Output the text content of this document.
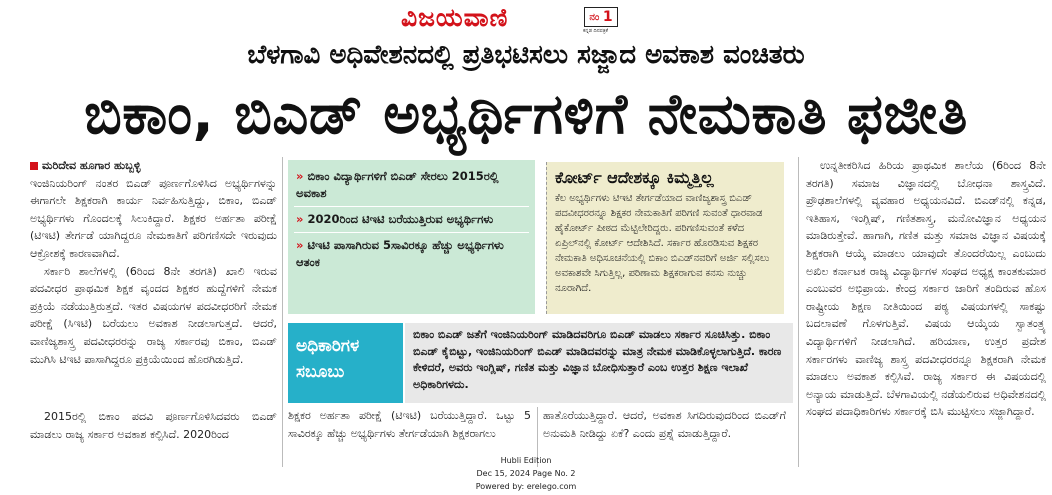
ವಿಜಯವಾಣಿ	ನಂ
1
ಕನ್ನಡ ದಿನಪತ್ರಿಕೆ
ಬೆಳಗಾವಿ ಅಧಿವೇಶನದಲ್ಲಿ ಪ್ರತಿಭಟಿಸಲು ಸಜ್ಜಾದ ಅವಕಾಶ ವಂಚಿತರು
ಬಿಕಾಂ, ಬಿಎಡ್ ಅಭ್ಯರ್ಥಿಗಳಿಗೆ ನೇಮಕಾತಿ ಫಜೀತಿ

ಮರಿದೇವ ಹೂಗಾರ ಹುಬ್ಬಳ್ಳಿ

ಇಂಜಿನಿಯರಿಂಗ್ ನಂತರ ಬಿಎಡ್ ಪೂರ್ಣಗೊಳಿಸಿದ ಅಭ್ಯರ್ಥಿಗಳನ್ನು ಈಗಾಗಲೇ ಶಿಕ್ಷಕರಾಗಿ ಕಾರ್ಯ ನಿರ್ವಹಿಸುತ್ತಿದ್ದು, ಬಿಕಾಂ, ಬಿಎಡ್ ಅಭ್ಯರ್ಥಿಗಳು ಗೊಂದಲಕ್ಕೆ ಸಿಲುಕಿದ್ದಾರೆ. ಶಿಕ್ಷಕರ ಅರ್ಹತಾ ಪರೀಕ್ಷೆ (ಟಿಇಟಿ) ತೇರ್ಗಡೆ ಯಾಗಿದ್ದರೂ ನೇಮಕಾತಿಗೆ ಪರಿಗಣಿಸದೇ ಇರುವುದು ಆಕ್ರೋಶಕ್ಕೆ ಕಾರಣವಾಗಿದೆ.

ಸರ್ಕಾರಿ ಶಾಲೆಗಳಲ್ಲಿ (6ರಿಂದ 8ನೇ ತರಗತಿ) ಖಾಲಿ ಇರುವ ಪದವೀಧರ ಪ್ರಾಥಮಿಕ ಶಿಕ್ಷಕ ವೃಂದದ ಶಿಕ್ಷಕರ ಹುದ್ದೆಗಳಿಗೆ ನೇಮಕ ಪ್ರಕ್ರಿಯೆ ನಡೆಯುತ್ತಿರುತ್ತದೆ. ಇತರ ವಿಷಯಗಳ ಪದವೀಧರರಿಗೆ ನೇಮಕ ಪರೀಕ್ಷೆ (ಸಿಇಟಿ) ಬರೆಯಲು ಅವಕಾಶ ನೀಡಲಾಗುತ್ತದೆ. ಆದರೆ, ವಾಣಿಜ್ಯಶಾಸ್ತ್ರ ಪದವೀಧರರನ್ನು ರಾಜ್ಯ ಸರ್ಕಾರವು ಬಿಕಾಂ, ಬಿಎಡ್ ಮುಗಿಸಿ ಟಿಇಟಿ ಪಾಸಾಗಿದ್ದರೂ ಪ್ರಕ್ರಿಯೆಯಿಂದ ಹೊರಗಿಡುತ್ತಿದೆ.

2015ರಲ್ಲಿ ಬಿಕಾಂ ಪದವಿ ಪೂರ್ಣಗೊಳಿಸಿದವರು ಬಿಎಡ್ ಮಾಡಲು ರಾಜ್ಯ ಸರ್ಕಾರ ಅವಕಾಶ ಕಲ್ಪಿಸಿದೆ. 2020ರಿಂದ

» ಬಿಕಾಂ ವಿದ್ಯಾರ್ಥಿಗಳಿಗೆ ಬಿಎಡ್ ಸೇರಲು 2015ರಲ್ಲಿ ಅವಕಾಶ
» 2020ರಿಂದ ಟಿಇಟಿ ಬರೆಯುತ್ತಿರುವ ಅಭ್ಯರ್ಥಿಗಳು
» ಟಿಇಟಿ ಪಾಸಾಗಿರುವ 5ಸಾವಿರಕ್ಕೂ ಹೆಚ್ಚು ಅಭ್ಯರ್ಥಿಗಳು ಆತಂಕ
ಕೋರ್ಟ್ ಆದೇಶಕ್ಕೂ ಕಿಮ್ಮತ್ತಿಲ್ಲ

ಕೆಲ ಅಭ್ಯರ್ಥಿಗಳು ಟಿಇಟಿ ತೇರ್ಗಡೆಯಾದ ವಾಣಿಜ್ಯಶಾಸ್ತ್ರ ಬಿಎಡ್ ಪದವೀಧರರನ್ನೂ ಶಿಕ್ಷಕರ ನೇಮಕಾತಿಗೆ ಪರಿಗಣಿ ಸುವಂತೆ ಧಾರವಾಡ ಹೈಕೋರ್ಟ್ ಪೀಠದ ಮೆಟ್ಟಿಲೇರಿದ್ದರು. ಪರಿಗಣಿಸುವಂತೆ ಕಳೆದ ಏಪ್ರಿಲ್‌ನಲ್ಲಿ ಕೋರ್ಟ್ ಆದೇಶಿಸಿದೆ. ಸರ್ಕಾರ ಹೊರಡಿಸುವ ಶಿಕ್ಷಕರ ನೇಮಕಾತಿ ಅಧಿಸೂಚನೆಯಲ್ಲಿ ಬಿಕಾಂ ಬಿಎಡ್‌ನವರಿಗೆ ಅರ್ಜಿ ಸಲ್ಲಿಸಲು ಅವಕಾಶವೇ ಸಿಗುತ್ತಿಲ್ಲ, ಪರಿಣಾಮ ಶಿಕ್ಷಕರಾಗುವ ಕನಸು ನುಚ್ಚು ನೂರಾಗಿದೆ.

ಅಧಿಕಾರಿಗಳ
ಸಬೂಬು
ಬಿಕಾಂ ಬಿಎಡ್ ಜತೆಗೆ ಇಂಜಿನಿಯರಿಂಗ್ ಮಾಡಿದವರಿಗೂ ಬಿಎಡ್ ಮಾಡಲು ಸರ್ಕಾರ ಸೂಚಿಸಿತ್ತು. ಬಿಕಾಂ ಬಿಎಡ್ ಕೈಬಿಟ್ಟು, ಇಂಜಿನಿಯರಿಂಗ್ ಬಿಎಡ್ ಮಾಡಿದವರನ್ನು ಮಾತ್ರ ನೇಮಕ ಮಾಡಿಕೊಳ್ಳಲಾಗುತ್ತಿದೆ. ಕಾರಣ ಕೇಳಿದರೆ, ಅವರು ಇಂಗ್ಲಿಷ್, ಗಣಿತ ಮತ್ತು ವಿಜ್ಞಾನ ಬೋಧಿಸುತ್ತಾರೆ ಎಂಬ ಉತ್ತರ ಶಿಕ್ಷಣ ಇಲಾಖೆ ಅಧಿಕಾರಿಗಳದು.
ಶಿಕ್ಷಕರ ಅರ್ಹತಾ ಪರೀಕ್ಷೆ (ಟಿಇಟಿ) ಬರೆಯುತ್ತಿದ್ದಾರೆ. ಒಟ್ಟು 5 ಸಾವಿರಕ್ಕೂ ಹೆಚ್ಚು ಅಭ್ಯರ್ಥಿಗಳು ತೇರ್ಗಡೆಯಾಗಿ ಶಿಕ್ಷಕರಾಗಲು
ಹಾತೊರೆಯುತ್ತಿದ್ದಾರೆ. ಆದರೆ, ಅವಕಾಶ ಸಿಗದಿರುವುದರಿಂದ ಬಿಎಡ್‌ಗೆ ಅನುಮತಿ ನೀಡಿದ್ದು ಏಕೆ? ಎಂದು ಪ್ರಶ್ನೆ ಮಾಡುತ್ತಿದ್ದಾರೆ.
ಉನ್ನತೀಕರಿಸಿದ ಹಿರಿಯ ಪ್ರಾಥಮಿಕ ಶಾಲೆಯ (6ರಿಂದ 8ನೇ ತರಗತಿ) ಸಮಾಜ ವಿಜ್ಞಾನದಲ್ಲಿ ಬೋಧನಾ ಶಾಸ್ತ್ರವಿದೆ. ಪ್ರೌಢಶಾಲೆಗಳಲ್ಲಿ ವ್ಯವಹಾರ ಅಧ್ಯಯನವಿದೆ. ಬಿಎಡ್‌ನಲ್ಲಿ ಕನ್ನಡ, ಇತಿಹಾಸ, ಇಂಗ್ಲಿಷ್, ಗಣಿತಶಾಸ್ತ್ರ, ಮನೋವಿಜ್ಞಾನ ಅಧ್ಯಯನ ಮಾಡಿರುತ್ತೇವೆ. ಹಾಗಾಗಿ, ಗಣಿತ ಮತ್ತು ಸಮಾಜ ವಿಜ್ಞಾನ ವಿಷಯಕ್ಕೆ ಶಿಕ್ಷಕರಾಗಿ ಆಯ್ಕೆ ಮಾಡಲು ಯಾವುದೇ ತೊಂದರೆಯಿಲ್ಲ ಎಂಬುದು ಅಖಿಲ ಕರ್ನಾಟಕ ರಾಜ್ಯ ವಿದ್ಯಾರ್ಥಿಗಳ ಸಂಘದ ಅಧ್ಯಕ್ಷ ಕಾಂತಕುಮಾರ ಎಂಬುವರ ಅಭಿಪ್ರಾಯ. ಕೇಂದ್ರ ಸರ್ಕಾರ ಜಾರಿಗೆ ತಂದಿರುವ ಹೊಸ ರಾಷ್ಟ್ರೀಯ ಶಿಕ್ಷಣ ನೀತಿಯಿಂದ ಪಠ್ಯ ವಿಷಯಗಳಲ್ಲಿ ಸಾಕಷ್ಟು ಬದಲಾವಣೆ ಗೊಳಗುತ್ತಿವೆ. ವಿಷಯ ಆಯ್ಕೆಯ ಸ್ವಾತಂತ್ರ್ಯ ವಿದ್ಯಾರ್ಥಿಗಳಿಗೆ ನೀಡಲಾಗಿದೆ. ಹರಿಯಾಣ, ಉತ್ತರ ಪ್ರದೇಶ ಸರ್ಕಾರಗಳು ವಾಣಿಜ್ಯ ಶಾಸ್ತ್ರ ಪದವೀಧರರನ್ನೂ ಶಿಕ್ಷಕರಾಗಿ ನೇಮಕ ಮಾಡಲು ಅವಕಾಶ ಕಲ್ಪಿಸಿವೆ. ರಾಜ್ಯ ಸರ್ಕಾರ ಈ ವಿಷಯದಲ್ಲಿ ಅನ್ಯಾಯ ಮಾಡುತ್ತಿದೆ. ಬೆಳಗಾವಿಯಲ್ಲಿ ನಡೆಯಲಿರುವ ಅಧಿವೇಶನದಲ್ಲಿ ಸಂಘದ ಪದಾಧಿಕಾರಿಗಳು ಸರ್ಕಾರಕ್ಕೆ ಬಿಸಿ ಮುಟ್ಟಿಸಲು ಸಜ್ಜಾಗಿದ್ದಾರೆ.
Hubli Edition
Dec 15, 2024 Page No. 2
Powered by: erelego.com
